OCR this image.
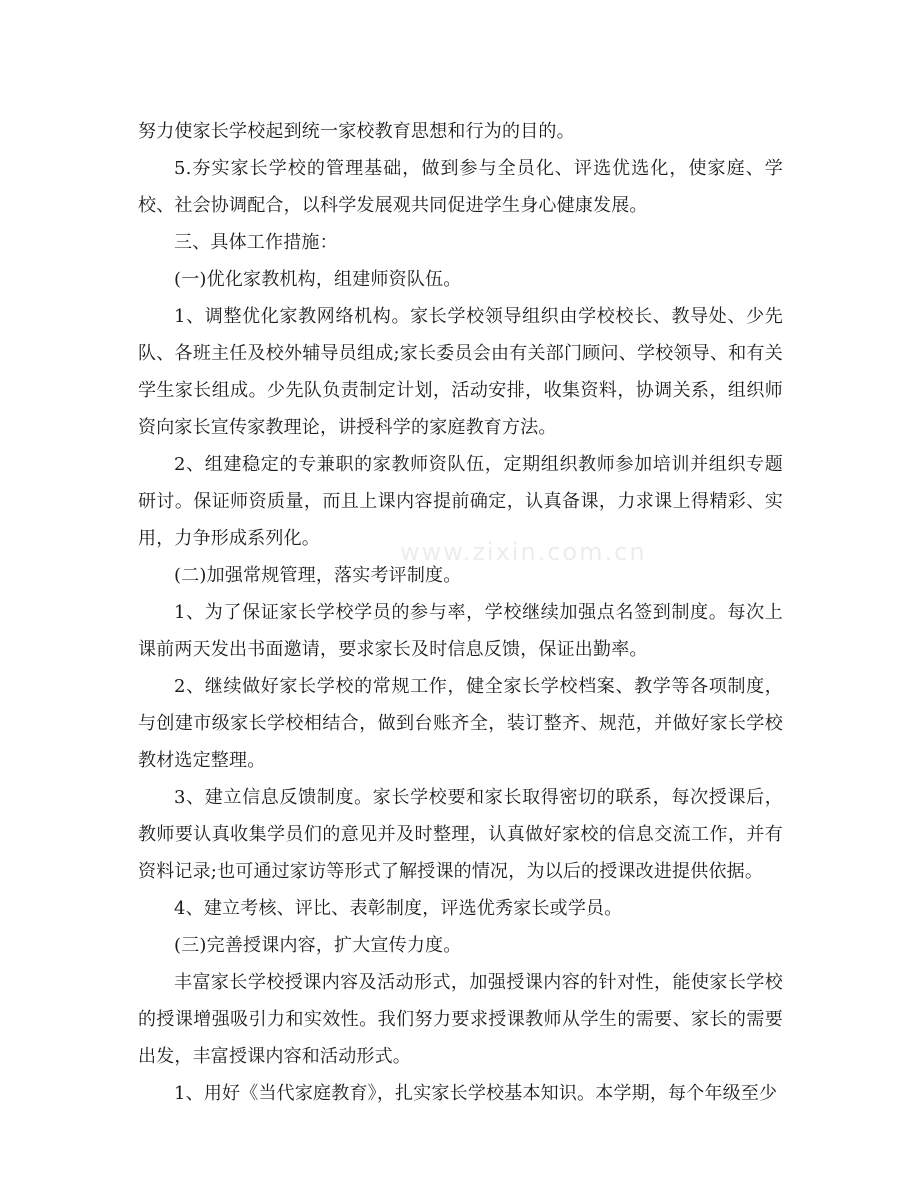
努力使家长学校起到统一家校教育思想和行为的目的。

5.夯实家长学校的管理基础，做到参与全员化、评选优选化，使家庭、学校、社会协调配合，以科学发展观共同促进学生身心健康发展。

三、具体工作措施：

(一)优化家教机构，组建师资队伍。

1、调整优化家教网络机构。家长学校领导组织由学校校长、教导处、少先队、各班主任及校外辅导员组成;家长委员会由有关部门顾问、学校领导、和有关学生家长组成。少先队负责制定计划，活动安排，收集资料，协调关系，组织师资向家长宣传家教理论，讲授科学的家庭教育方法。

2、组建稳定的专兼职的家教师资队伍，定期组织教师参加培训并组织专题研讨。保证师资质量，而且上课内容提前确定，认真备课，力求课上得精彩、实用，力争形成系列化。

(二)加强常规管理，落实考评制度。

1、为了保证家长学校学员的参与率，学校继续加强点名签到制度。每次上课前两天发出书面邀请，要求家长及时信息反馈，保证出勤率。

2、继续做好家长学校的常规工作，健全家长学校档案、教学等各项制度，与创建市级家长学校相结合，做到台账齐全，装订整齐、规范，并做好家长学校教材选定整理。

3、建立信息反馈制度。家长学校要和家长取得密切的联系，每次授课后，教师要认真收集学员们的意见并及时整理，认真做好家校的信息交流工作，并有资料记录;也可通过家访等形式了解授课的情况，为以后的授课改进提供依据。

4、建立考核、评比、表彰制度，评选优秀家长或学员。

(三)完善授课内容，扩大宣传力度。

丰富家长学校授课内容及活动形式，加强授课内容的针对性，能使家长学校的授课增强吸引力和实效性。我们努力要求授课教师从学生的需要、家长的需要出发，丰富授课内容和活动形式。

1、用好《当代家庭教育》，扎实家长学校基本知识。本学期，每个年级至少

www.zixin.com.cn
